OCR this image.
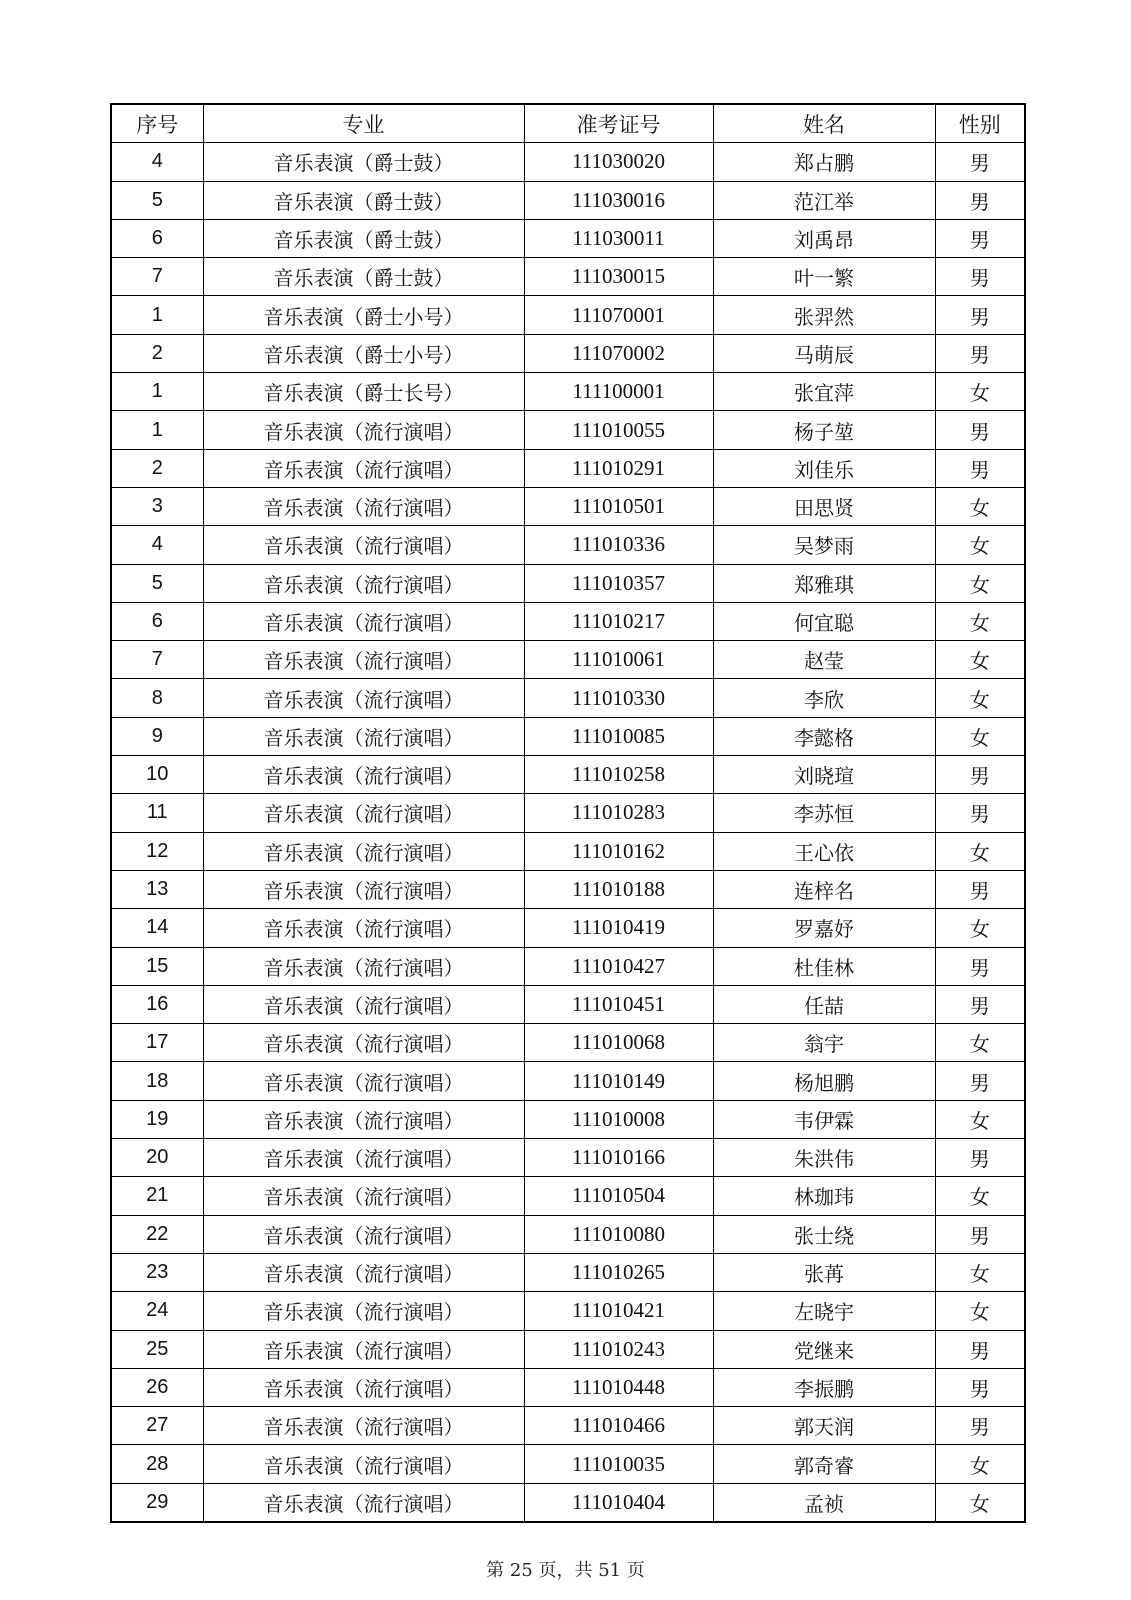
序号	专业	准考证号	姓名	性别
4	音乐表演（爵士鼓）	111030020	郑占鹏	男
5	音乐表演（爵士鼓）	111030016	范江举	男
6	音乐表演（爵士鼓）	111030011	刘禹昂	男
7	音乐表演（爵士鼓）	111030015	叶一繁	男
1	音乐表演（爵士小号）	111070001	张羿然	男
2	音乐表演（爵士小号）	111070002	马萌辰	男
1	音乐表演（爵士长号）	111100001	张宜萍	女
1	音乐表演（流行演唱）	111010055	杨子堃	男
2	音乐表演（流行演唱）	111010291	刘佳乐	男
3	音乐表演（流行演唱）	111010501	田思贤	女
4	音乐表演（流行演唱）	111010336	吴梦雨	女
5	音乐表演（流行演唱）	111010357	郑雅琪	女
6	音乐表演（流行演唱）	111010217	何宜聪	女
7	音乐表演（流行演唱）	111010061	赵莹	女
8	音乐表演（流行演唱）	111010330	李欣	女
9	音乐表演（流行演唱）	111010085	李懿格	女
10	音乐表演（流行演唱）	111010258	刘晓瑄	男
11	音乐表演（流行演唱）	111010283	李苏恒	男
12	音乐表演（流行演唱）	111010162	王心依	女
13	音乐表演（流行演唱）	111010188	连梓名	男
14	音乐表演（流行演唱）	111010419	罗嘉妤	女
15	音乐表演（流行演唱）	111010427	杜佳林	男
16	音乐表演（流行演唱）	111010451	任喆	男
17	音乐表演（流行演唱）	111010068	翁宇	女
18	音乐表演（流行演唱）	111010149	杨旭鹏	男
19	音乐表演（流行演唱）	111010008	韦伊霖	女
20	音乐表演（流行演唱）	111010166	朱洪伟	男
21	音乐表演（流行演唱）	111010504	林珈玮	女
22	音乐表演（流行演唱）	111010080	张士绕	男
23	音乐表演（流行演唱）	111010265	张苒	女
24	音乐表演（流行演唱）	111010421	左晓宇	女
25	音乐表演（流行演唱）	111010243	党继来	男
26	音乐表演（流行演唱）	111010448	李振鹏	男
27	音乐表演（流行演唱）	111010466	郭天润	男
28	音乐表演（流行演唱）	111010035	郭奇睿	女
29	音乐表演（流行演唱）	111010404	孟祯	女
第 25 页，共 51 页
